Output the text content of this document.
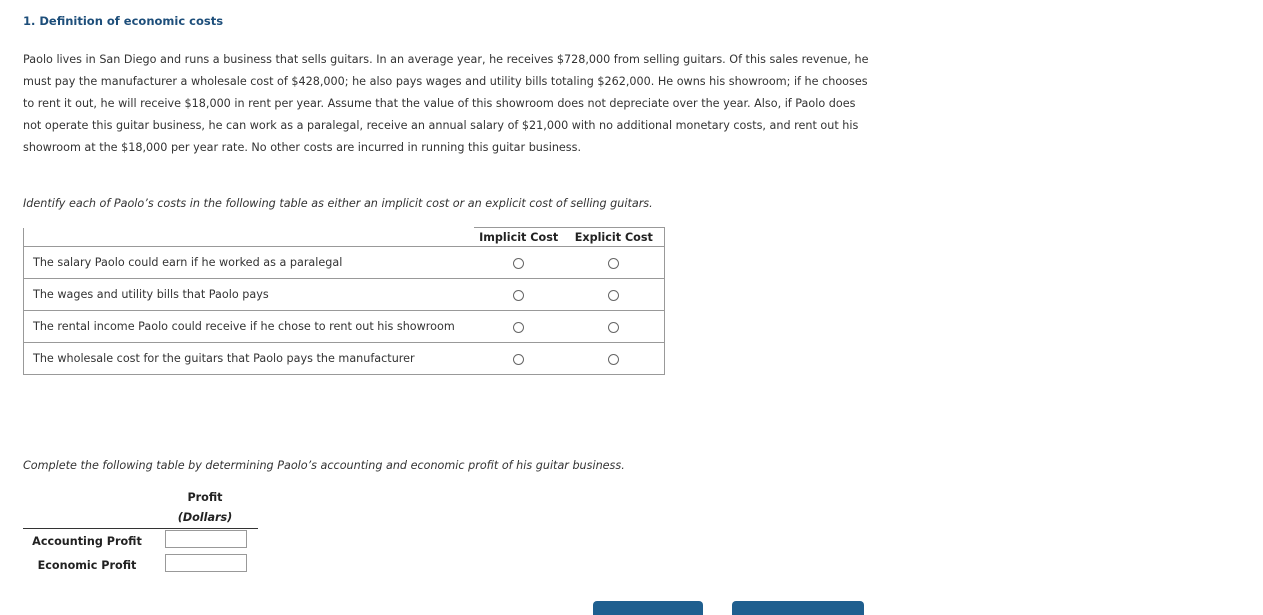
1. Definition of economic costs
Paolo lives in San Diego and runs a business that sells guitars. In an average year, he receives $728,000 from selling guitars. Of this sales revenue, he
must pay the manufacturer a wholesale cost of $428,000; he also pays wages and utility bills totaling $262,000. He owns his showroom; if he chooses
to rent it out, he will receive $18,000 in rent per year. Assume that the value of this showroom does not depreciate over the year. Also, if Paolo does
not operate this guitar business, he can work as a paralegal, receive an annual salary of $21,000 with no additional monetary costs, and rent out his
showroom at the $18,000 per year rate. No other costs are incurred in running this guitar business.
Identify each of Paolo’s costs in the following table as either an implicit cost or an explicit cost of selling guitars.
	Implicit Cost	Explicit Cost
The salary Paolo could earn if he worked as a paralegal		
The wages and utility bills that Paolo pays		
The rental income Paolo could receive if he chose to rent out his showroom		
The wholesale cost for the guitars that Paolo pays the manufacturer		
Complete the following table by determining Paolo’s accounting and economic profit of his guitar business.
Profit
(Dollars)
Accounting Profit
Economic Profit
